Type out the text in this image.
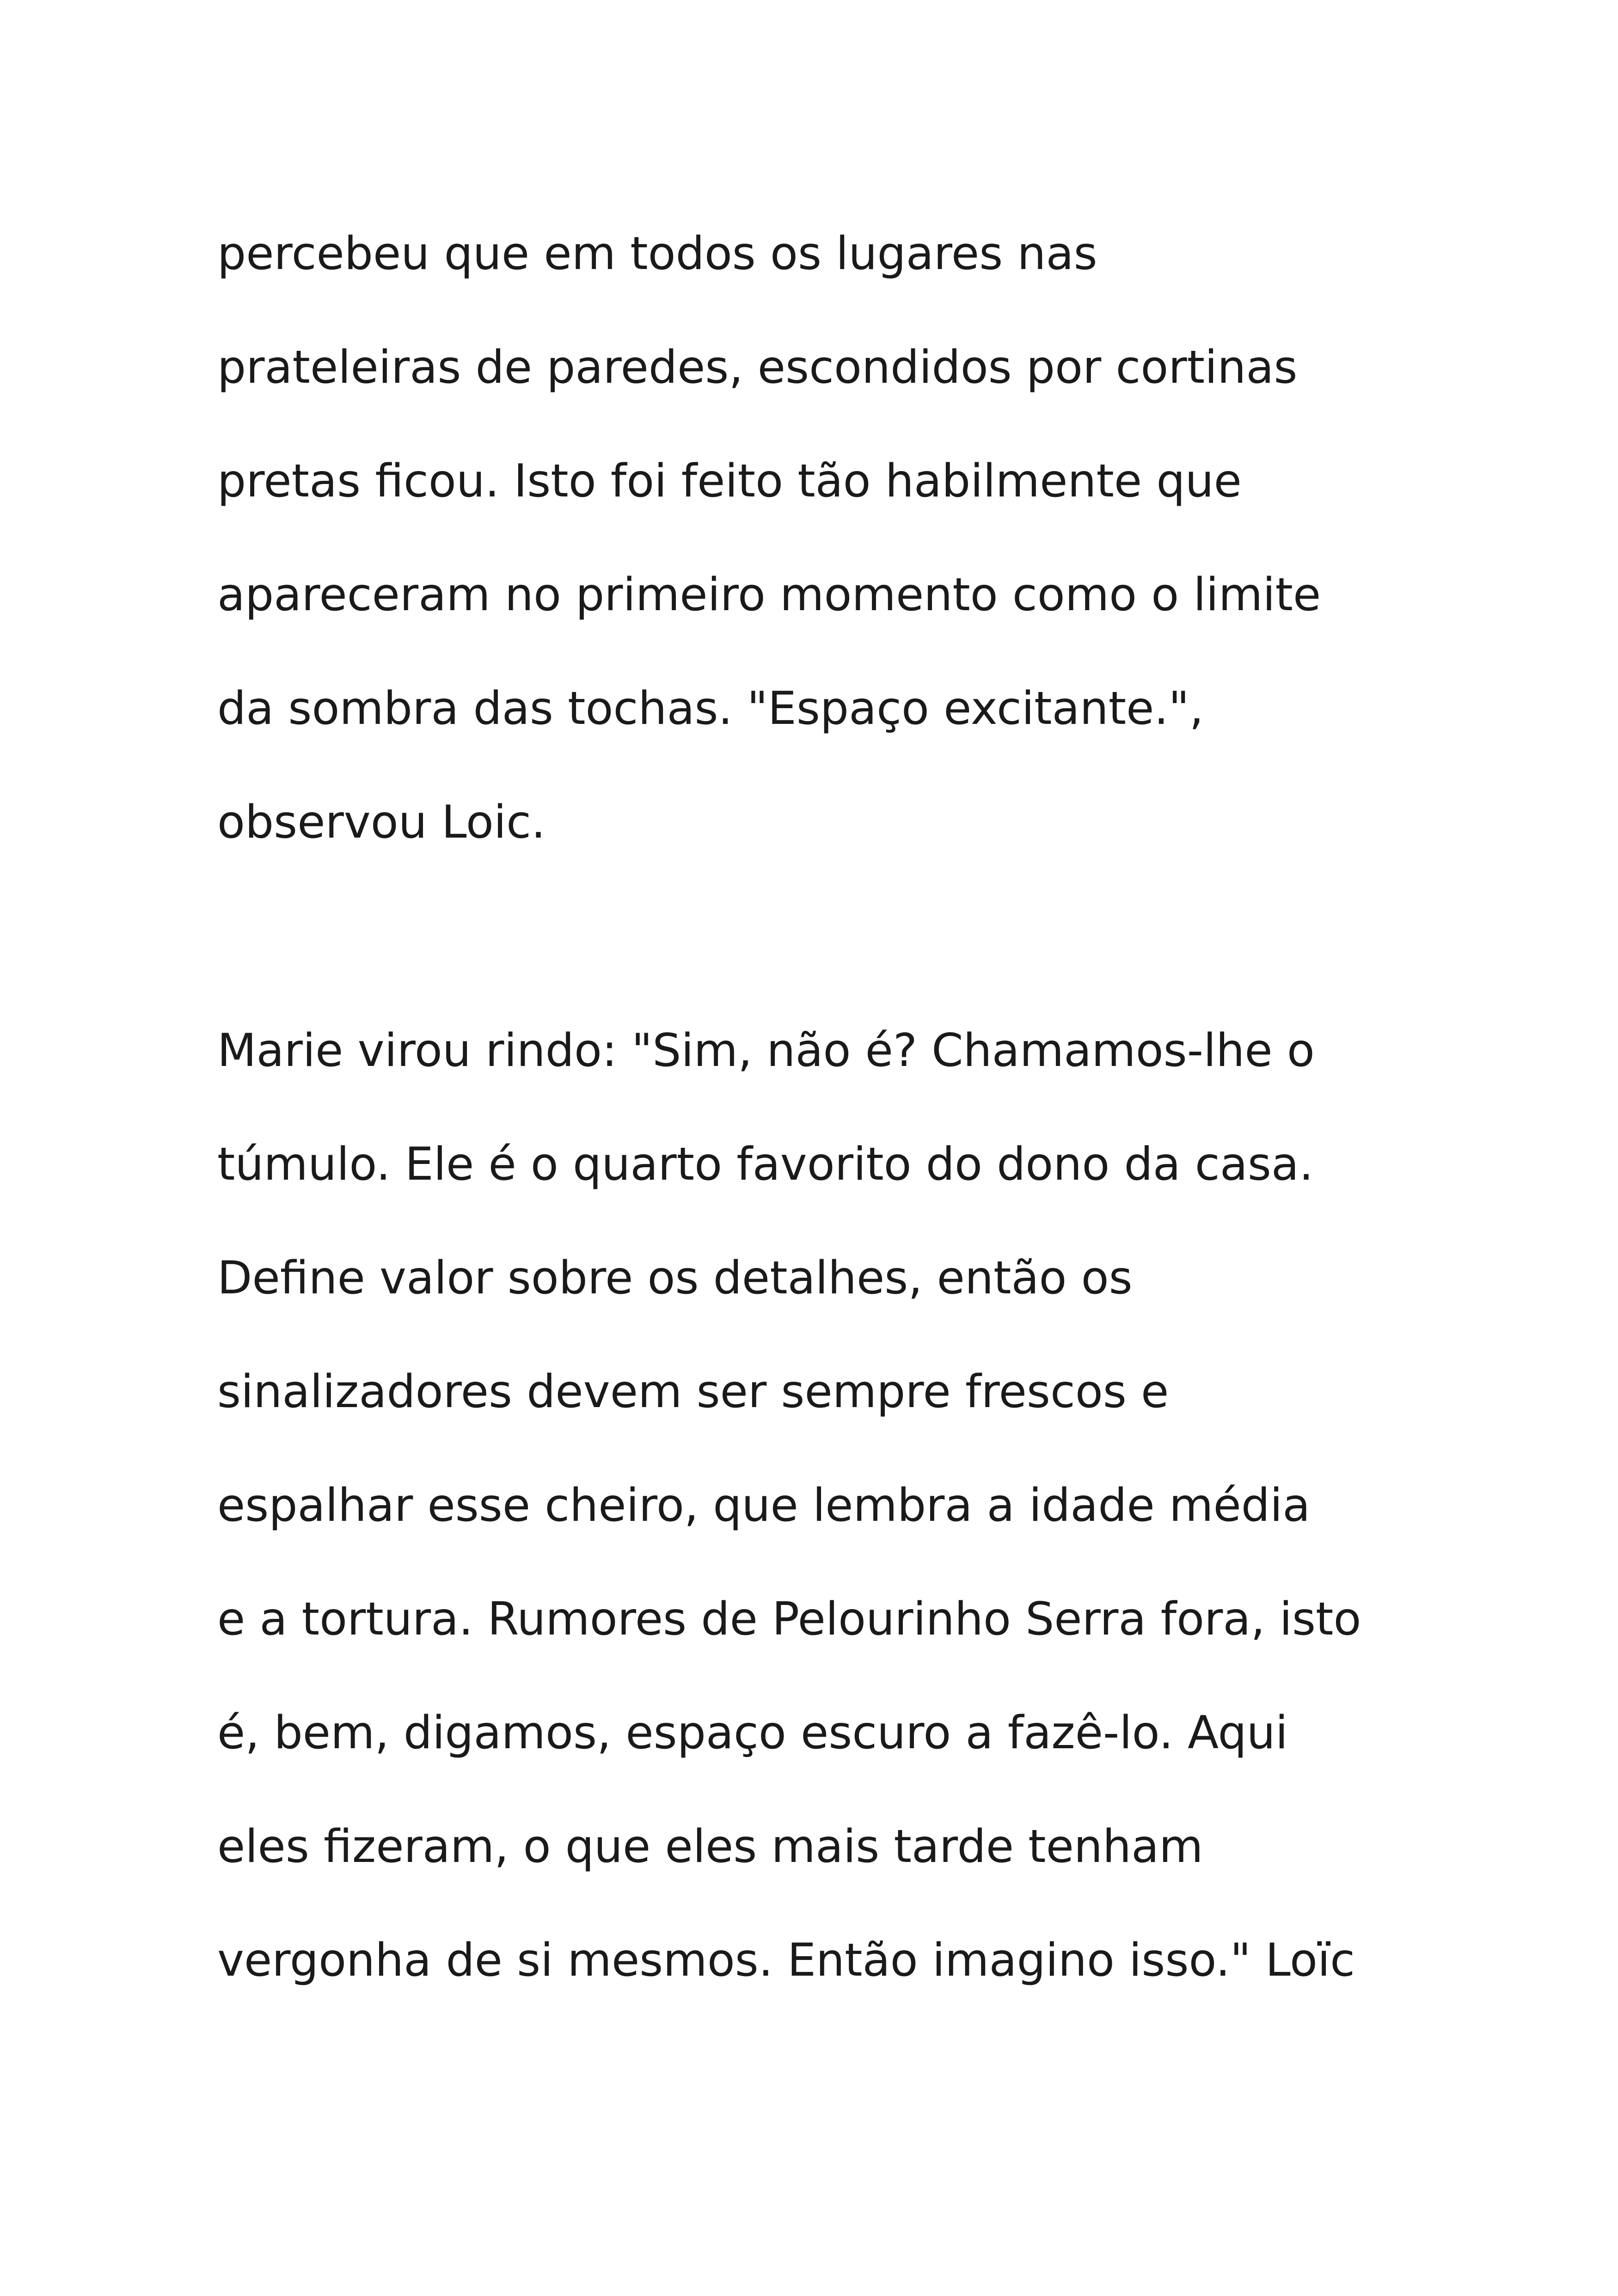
percebeu que em todos os lugares nas
prateleiras de paredes, escondidos por cortinas
pretas ficou. Isto foi feito tão habilmente que
apareceram no primeiro momento como o limite
da sombra das tochas. "Espaço excitante.",
observou Loic.
Marie virou rindo: "Sim, não é? Chamamos-lhe o
túmulo. Ele é o quarto favorito do dono da casa.
Define valor sobre os detalhes, então os
sinalizadores devem ser sempre frescos e
espalhar esse cheiro, que lembra a idade média
e a tortura. Rumores de Pelourinho Serra fora, isto
é, bem, digamos, espaço escuro a fazê-lo. Aqui
eles fizeram, o que eles mais tarde tenham
vergonha de si mesmos. Então imagino isso." Loïc
